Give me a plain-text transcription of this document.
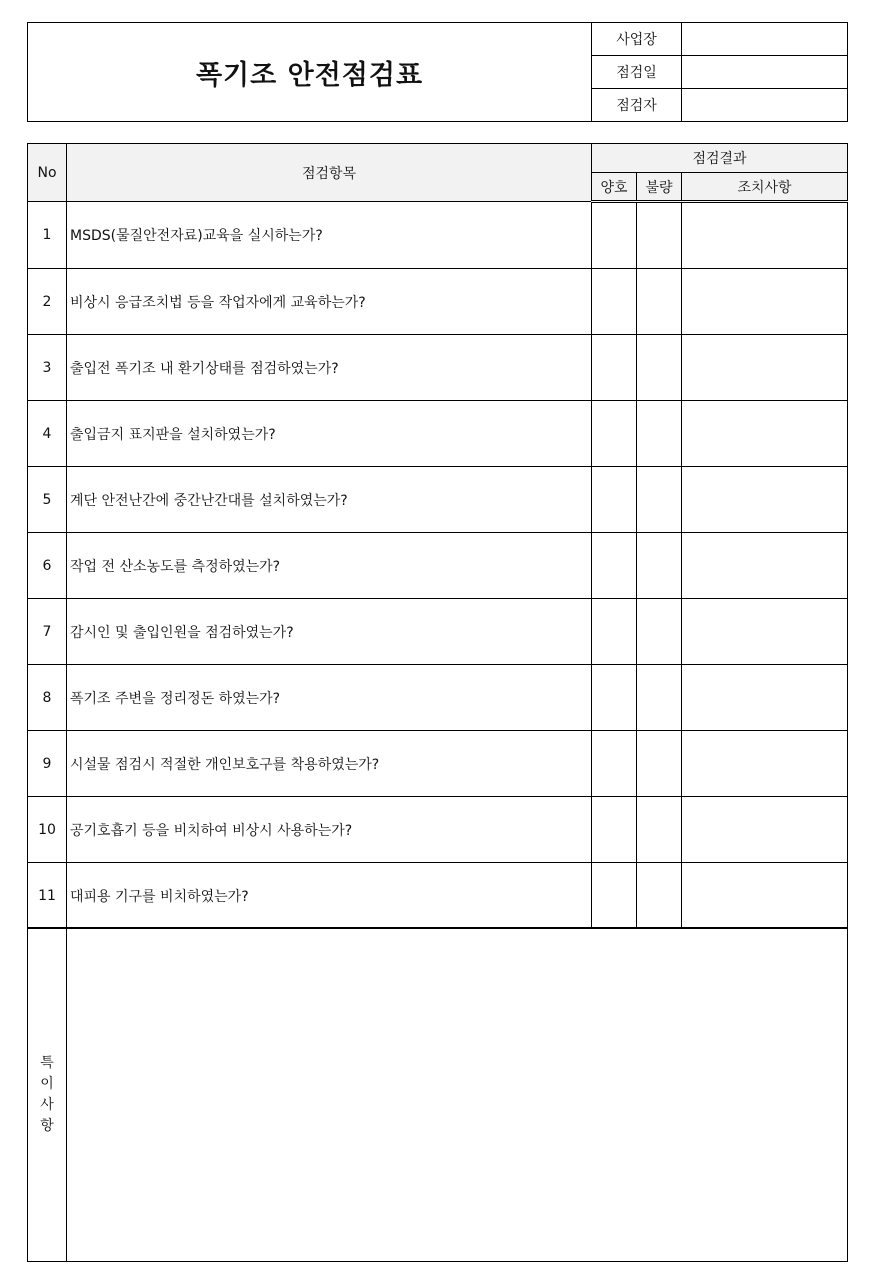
폭기조 안전점검표	사업장	
	점검일	
	점검자	
No	점검항목	점검결과		
		양호	불량	조치사항
1	MSDS(물질안전자료)교육을 실시하는가?			
2	비상시 응급조치법 등을 작업자에게 교육하는가?			
3	출입전 폭기조 내 환기상태를 점검하였는가?			
4	출입금지 표지판을 설치하였는가?			
5	계단 안전난간에 중간난간대를 설치하였는가?			
6	작업 전 산소농도를 측정하였는가?			
7	감시인 및 출입인원을 점검하였는가?			
8	폭기조 주변을 정리정돈 하였는가?			
9	시설물 점검시 적절한 개인보호구를 착용하였는가?			
10	공기호흡기 등을 비치하여 비상시 사용하는가?			
11	대피용 기구를 비치하였는가?			
특
이
사
항
